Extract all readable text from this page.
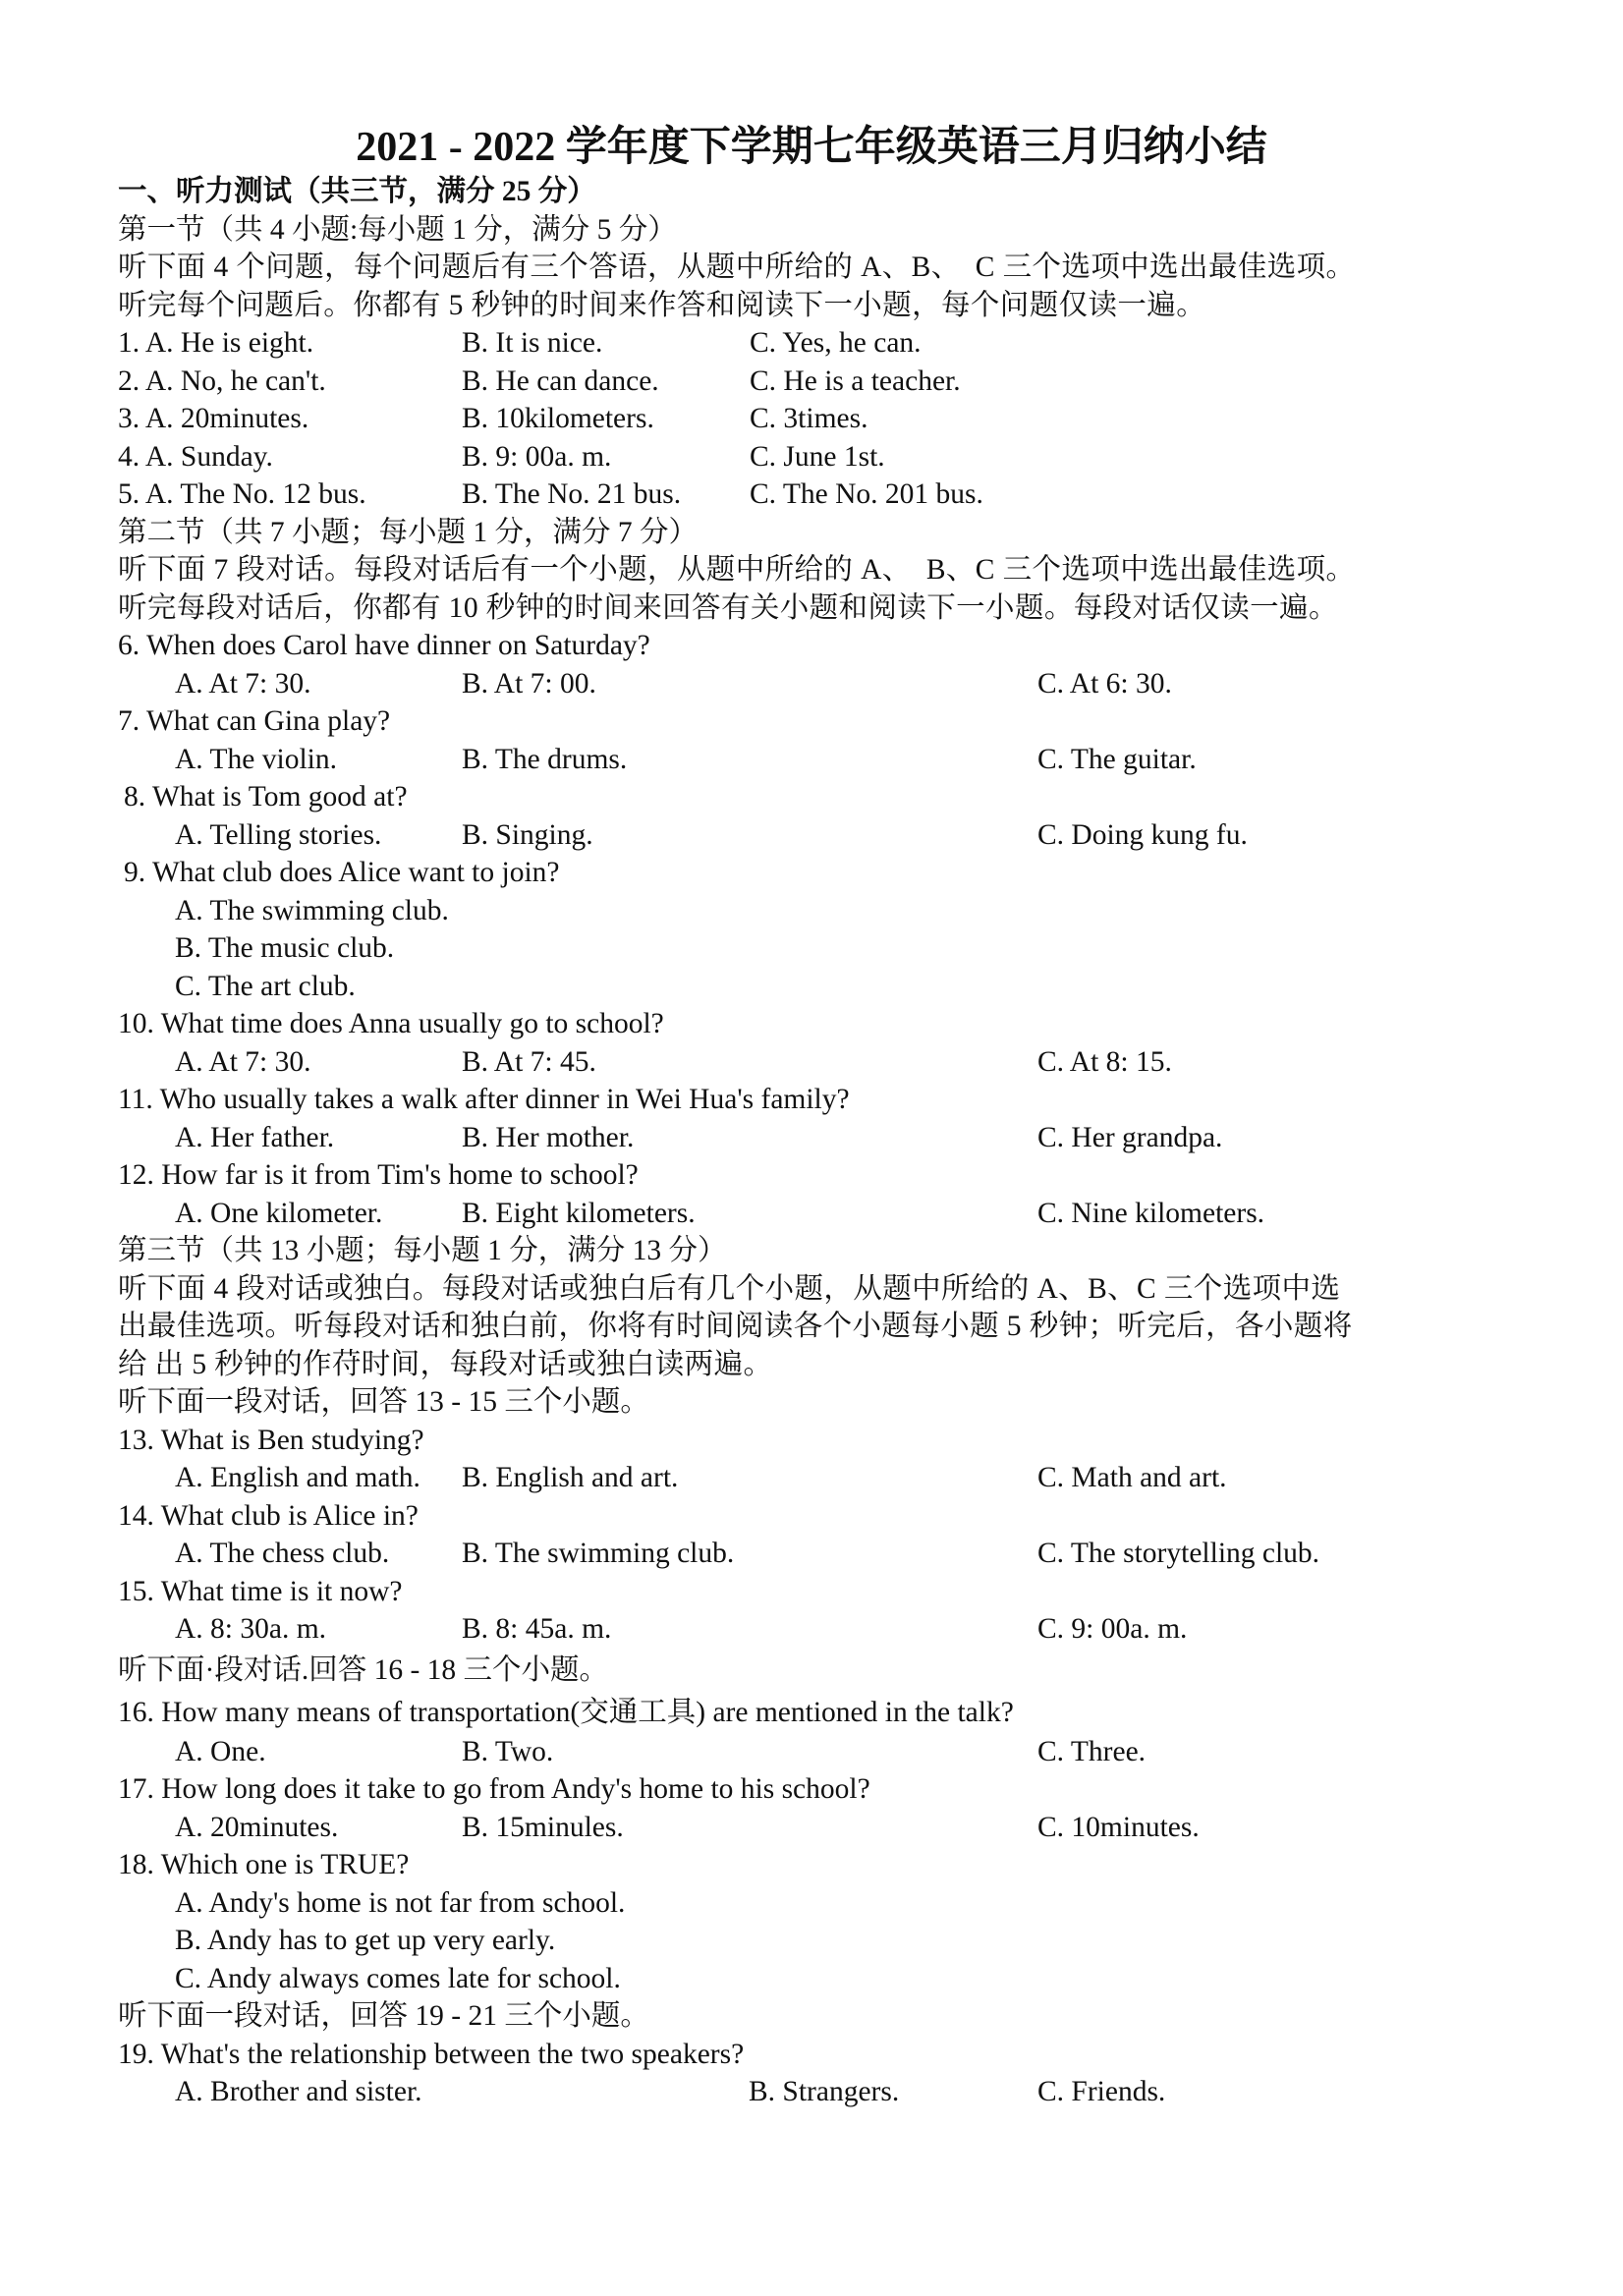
2021 - 2022 学年度下学期七年级英语三月归纳小结
一、听力测试（共三节，满分 25 分）
第一节（共 4 小题:每小题 1 分，满分 5 分）
听下面 4 个问题，每个问题后有三个答语，从题中所给的 A、B、　C 三个选项中选出最佳选项。
听完每个问题后。你都有 5 秒钟的时间来作答和阅读下一小题，每个问题仅读一遍。
1. A. He is eight.	B. It is nice.	C. Yes, he can.
2. A. No, he can't.	B. He can dance.	C. He is a teacher.
3. A. 20minutes.	B. 10kilometers.	C. 3times.
4. A. Sunday.	B. 9: 00a. m.	C. June 1st.
5. A. The No. 12 bus.	B. The No. 21 bus. C. The No. 201 bus.
第二节（共 7 小题；每小题 1 分，满分 7 分）
听下面 7 段对话。每段对话后有一个小题，从题中所给的 A、　B、C 三个选项中选出最佳选项。
听完每段对话后，你都有 10 秒钟的时间来回答有关小题和阅读下一小题。每段对话仅读一遍。
6. When does Carol have dinner on Saturday?
A. At 7: 30.	B. At 7: 00.	C. At 6: 30.
7. What can Gina play?
A. The violin.	B. The drums.	C. The guitar.
8. What is Tom good at?
A. Telling stories.	B. Singing.	C. Doing kung fu.
9. What club does Alice want to join?
A. The swimming club.
B. The music club.
C. The art club.
10. What time does Anna usually go to school?
A. At 7: 30.	B. At 7: 45.	C. At 8: 15.
11. Who usually takes a walk after dinner in Wei Hua's family?
A. Her father.	B. Her mother.	C. Her grandpa.
12. How far is it from Tim's home to school?
A. One kilometer.	B. Eight kilometers.	C. Nine kilometers.
第三节（共 13 小题；每小题 1 分，满分 13 分）
听下面 4 段对话或独白。每段对话或独白后有几个小题，从题中所给的 A、B、C 三个选项中选
出最佳选项。听每段对话和独白前，你将有时间阅读各个小题每小题 5 秒钟；听完后，各小题将
给 出 5 秒钟的作苻时间，每段对话或独白读两遍。
听下面一段对话，回答 13 - 15 三个小题。
13. What is Ben studying?
A. English and math. B. English and art.	C. Math and art.
14. What club is Alice in?
A. The chess club.	B. The swimming club.	C. The storytelling club.
15. What time is it now?
A. 8: 30a. m.	B. 8: 45a. m.	C. 9: 00a. m.
听下面·段对话.回答 16 - 18 三个小题。
16. How many means of transportation(交通工具) are mentioned in the talk?
A. One.	B. Two.	C. Three.
17. How long does it take to go from Andy's home to his school?
A. 20minutes.	B. 15minules.	C. 10minutes.
18. Which one is TRUE?
A. Andy's home is not far from school.
B. Andy has to get up very early.
C. Andy always comes late for school.
听下面一段对话，回答 19 - 21 三个小题。
19. What's the relationship between the two speakers?
A. Brother and sister.	B. Strangers.	C. Friends.
